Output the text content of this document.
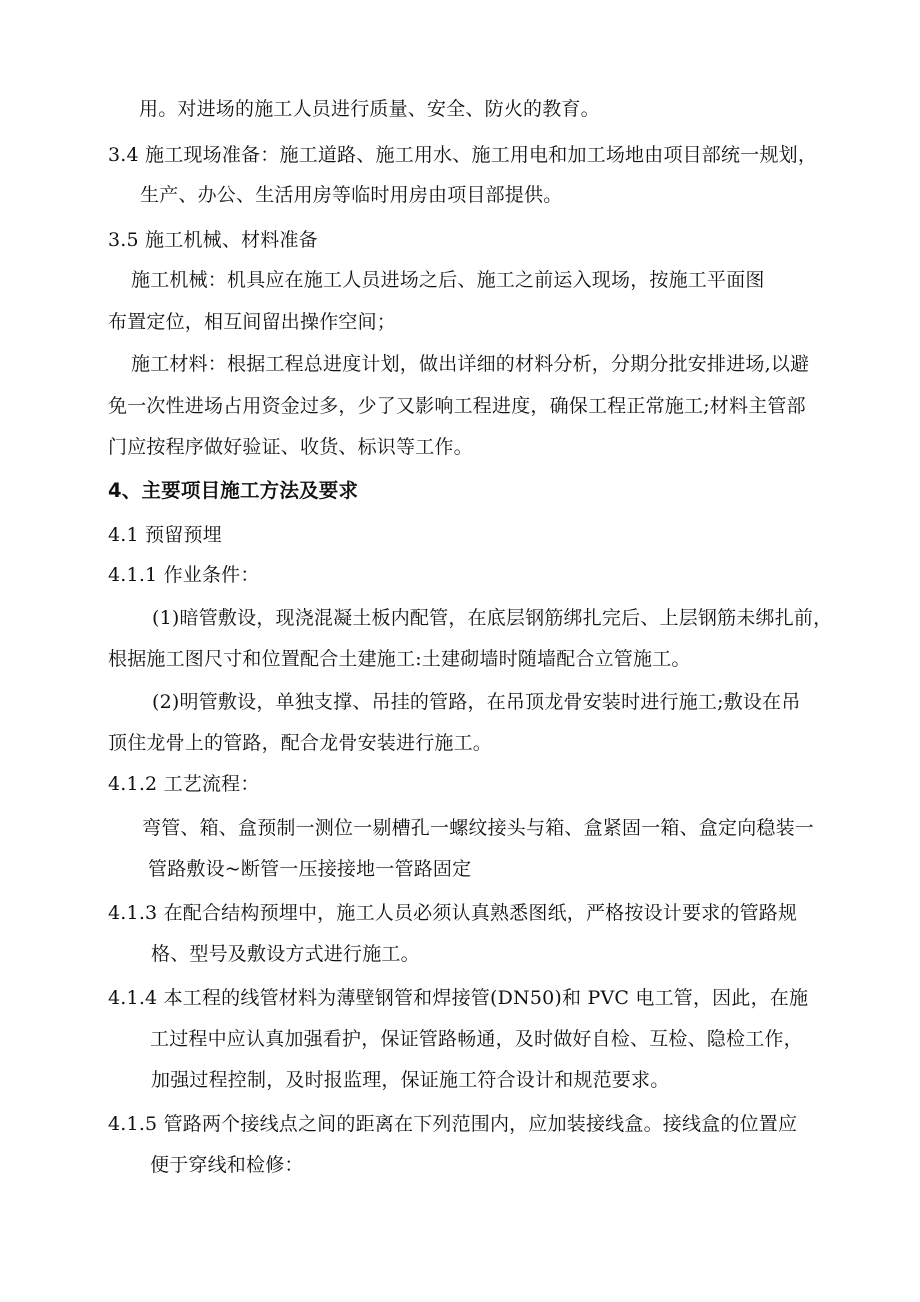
用。对进场的施工人员进行质量、安全、防火的教育。
3.4 施工现场准备：施工道路、施工用水、施工用电和加工场地由项目部统一规划，
生产、办公、生活用房等临时用房由项目部提供。
3.5 施工机械、材料准备
施工机械：机具应在施工人员进场之后、施工之前运入现场，按施工平面图
布置定位，相互间留出操作空间；
施工材料：根据工程总进度计划，做出详细的材料分析，分期分批安排进场,以避
免一次性进场占用资金过多，少了又影响工程进度，确保工程正常施工;材料主管部
门应按程序做好验证、收货、标识等工作。
4、主要项目施工方法及要求
4.1 预留预埋
4.1.1 作业条件：
(1)暗管敷设，现浇混凝土板内配管，在底层钢筋绑扎完后、上层钢筋未绑扎前，
根据施工图尺寸和位置配合土建施工:土建砌墙时随墙配合立管施工。
(2)明管敷设，单独支撑、吊挂的管路，在吊顶龙骨安装时进行施工;敷设在吊
顶住龙骨上的管路，配合龙骨安装进行施工。
4.1.2 工艺流程：
弯管、箱、盒预制一测位一剔槽孔一螺纹接头与箱、盒紧固一箱、盒定向稳装一
管路敷设~断管一压接接地一管路固定
4.1.3 在配合结构预埋中，施工人员必须认真熟悉图纸，严格按设计要求的管路规
格、型号及敷设方式进行施工。
4.1.4 本工程的线管材料为薄壁钢管和焊接管(DN50)和 PVC 电工管，因此，在施
工过程中应认真加强看护，保证管路畅通，及时做好自检、互检、隐检工作，
加强过程控制，及时报监理，保证施工符合设计和规范要求。
4.1.5 管路两个接线点之间的距离在下列范围内，应加装接线盒。接线盒的位置应
便于穿线和检修：
